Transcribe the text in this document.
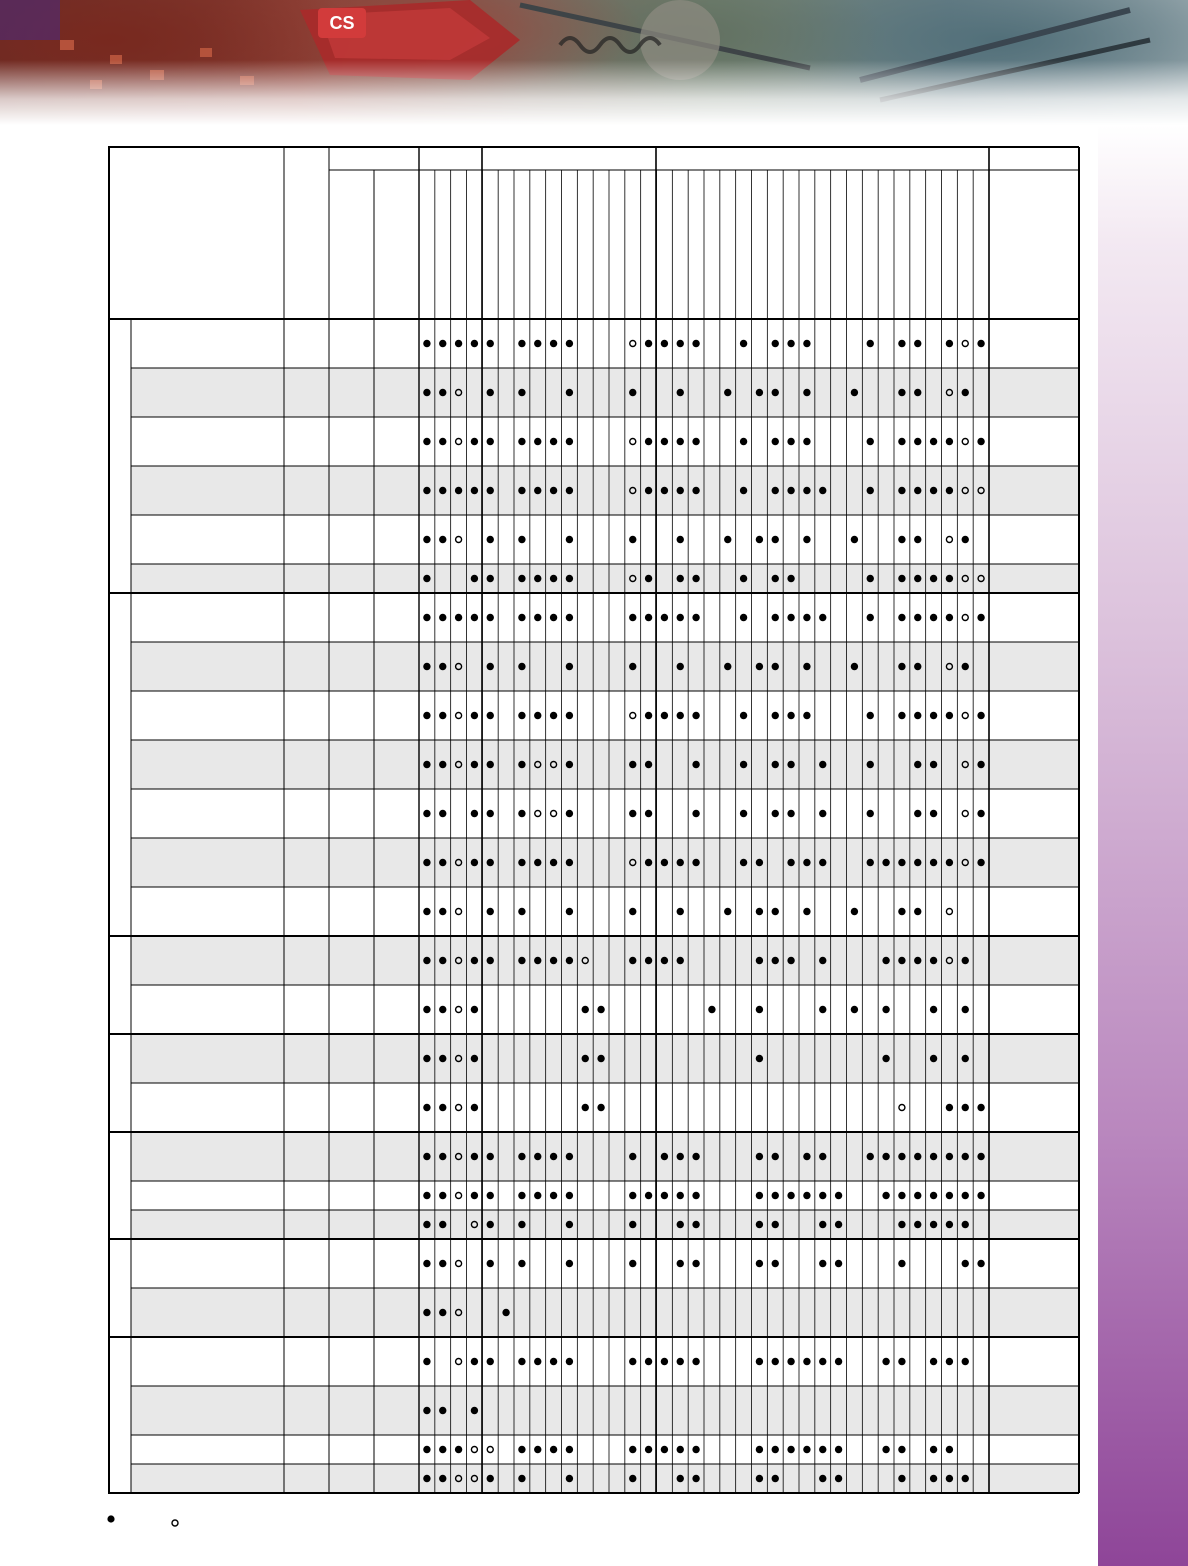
CS
